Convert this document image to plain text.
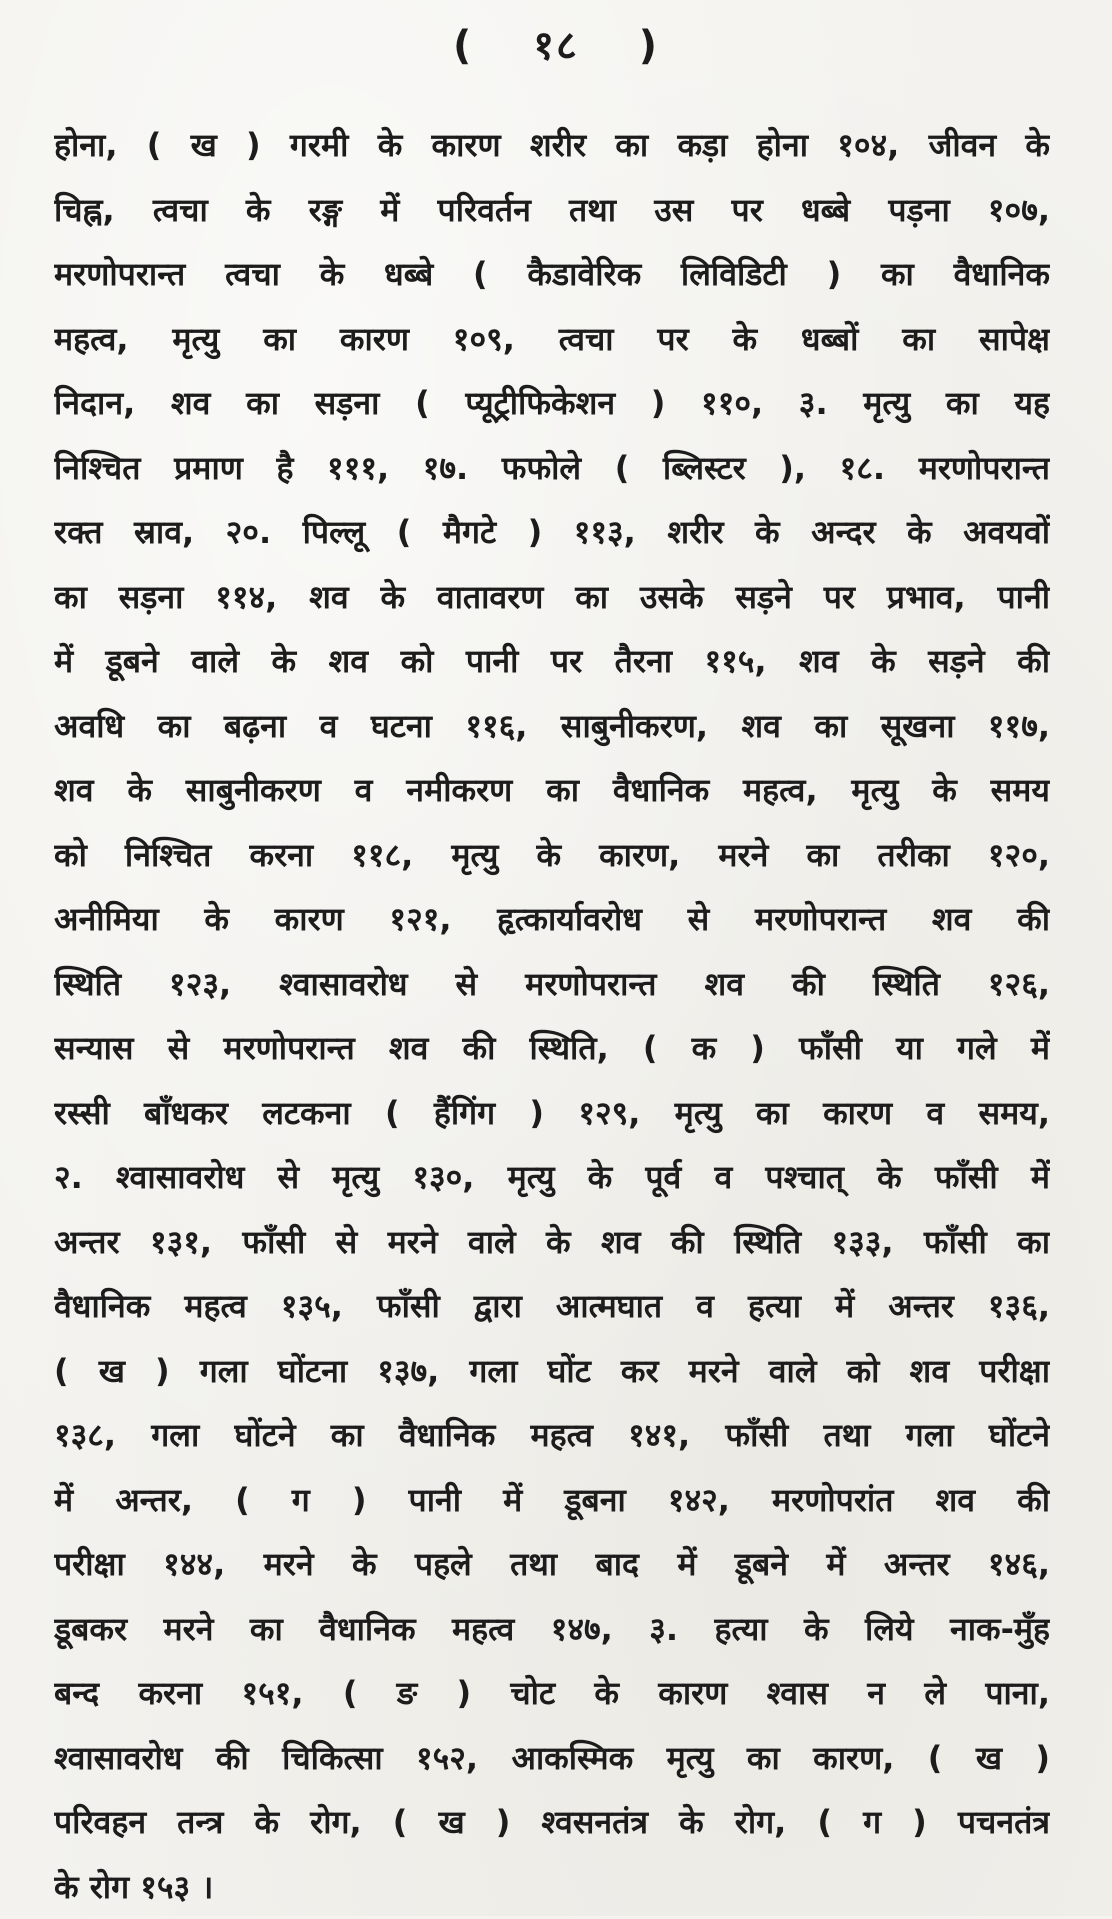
( १८ )
होना, ( ख ) गरमी के कारण शरीर का कड़ा होना १०४, जीवन के
चिह्न, त्वचा के रङ्ग में परिवर्तन तथा उस पर धब्बे पड़ना १०७,
मरणोपरान्त त्वचा के धब्बे ( कैडावेरिक लिविडिटी ) का वैधानिक
महत्व, मृत्यु का कारण १०९, त्वचा पर के धब्बों का सापेक्ष
निदान, शव का सड़ना ( प्यूट्रीफिकेशन ) ११०, ३. मृत्यु का यह
निश्चित प्रमाण है १११, १७. फफोले ( ब्लिस्टर ), १८. मरणोपरान्त
रक्त स्राव, २०. पिल्लू ( मैगटे ) ११३, शरीर के अन्दर के अवयवों
का सड़ना ११४, शव के वातावरण का उसके सड़ने पर प्रभाव, पानी
में डूबने वाले के शव को पानी पर तैरना ११५, शव के सड़ने की
अवधि का बढ़ना व घटना ११६, साबुनीकरण, शव का सूखना ११७,
शव के साबुनीकरण व नमीकरण का वैधानिक महत्व, मृत्यु के समय
को निश्चित करना ११८, मृत्यु के कारण, मरने का तरीका १२०,
अनीमिया के कारण १२१, हृत्कार्यावरोध से मरणोपरान्त शव की
स्थिति १२३, श्वासावरोध से मरणोपरान्त शव की स्थिति १२६,
सन्यास से मरणोपरान्त शव की स्थिति, ( क ) फाँसी या गले में
रस्सी बाँधकर लटकना ( हैंगिंग ) १२९, मृत्यु का कारण व समय,
२. श्वासावरोध से मृत्यु १३०, मृत्यु के पूर्व व पश्चात् के फाँसी में
अन्तर १३१, फाँसी से मरने वाले के शव की स्थिति १३३, फाँसी का
वैधानिक महत्व १३५, फाँसी द्वारा आत्मघात व हत्या में अन्तर १३६,
( ख ) गला घोंटना १३७, गला घोंट कर मरने वाले को शव परीक्षा
१३८, गला घोंटने का वैधानिक महत्व १४१, फाँसी तथा गला घोंटने
में अन्तर, ( ग ) पानी में डूबना १४२, मरणोपरांत शव की
परीक्षा १४४, मरने के पहले तथा बाद में डूबने में अन्तर १४६,
डूबकर मरने का वैधानिक महत्व १४७, ३. हत्या के लिये नाक-मुँह
बन्द करना १५१, ( ङ ) चोट के कारण श्वास न ले पाना,
श्वासावरोध की चिकित्सा १५२, आकस्मिक मृत्यु का कारण, ( ख )
परिवहन तन्त्र के रोग, ( ख ) श्वसनतंत्र के रोग, ( ग ) पचनतंत्र
के रोग १५३ ।
